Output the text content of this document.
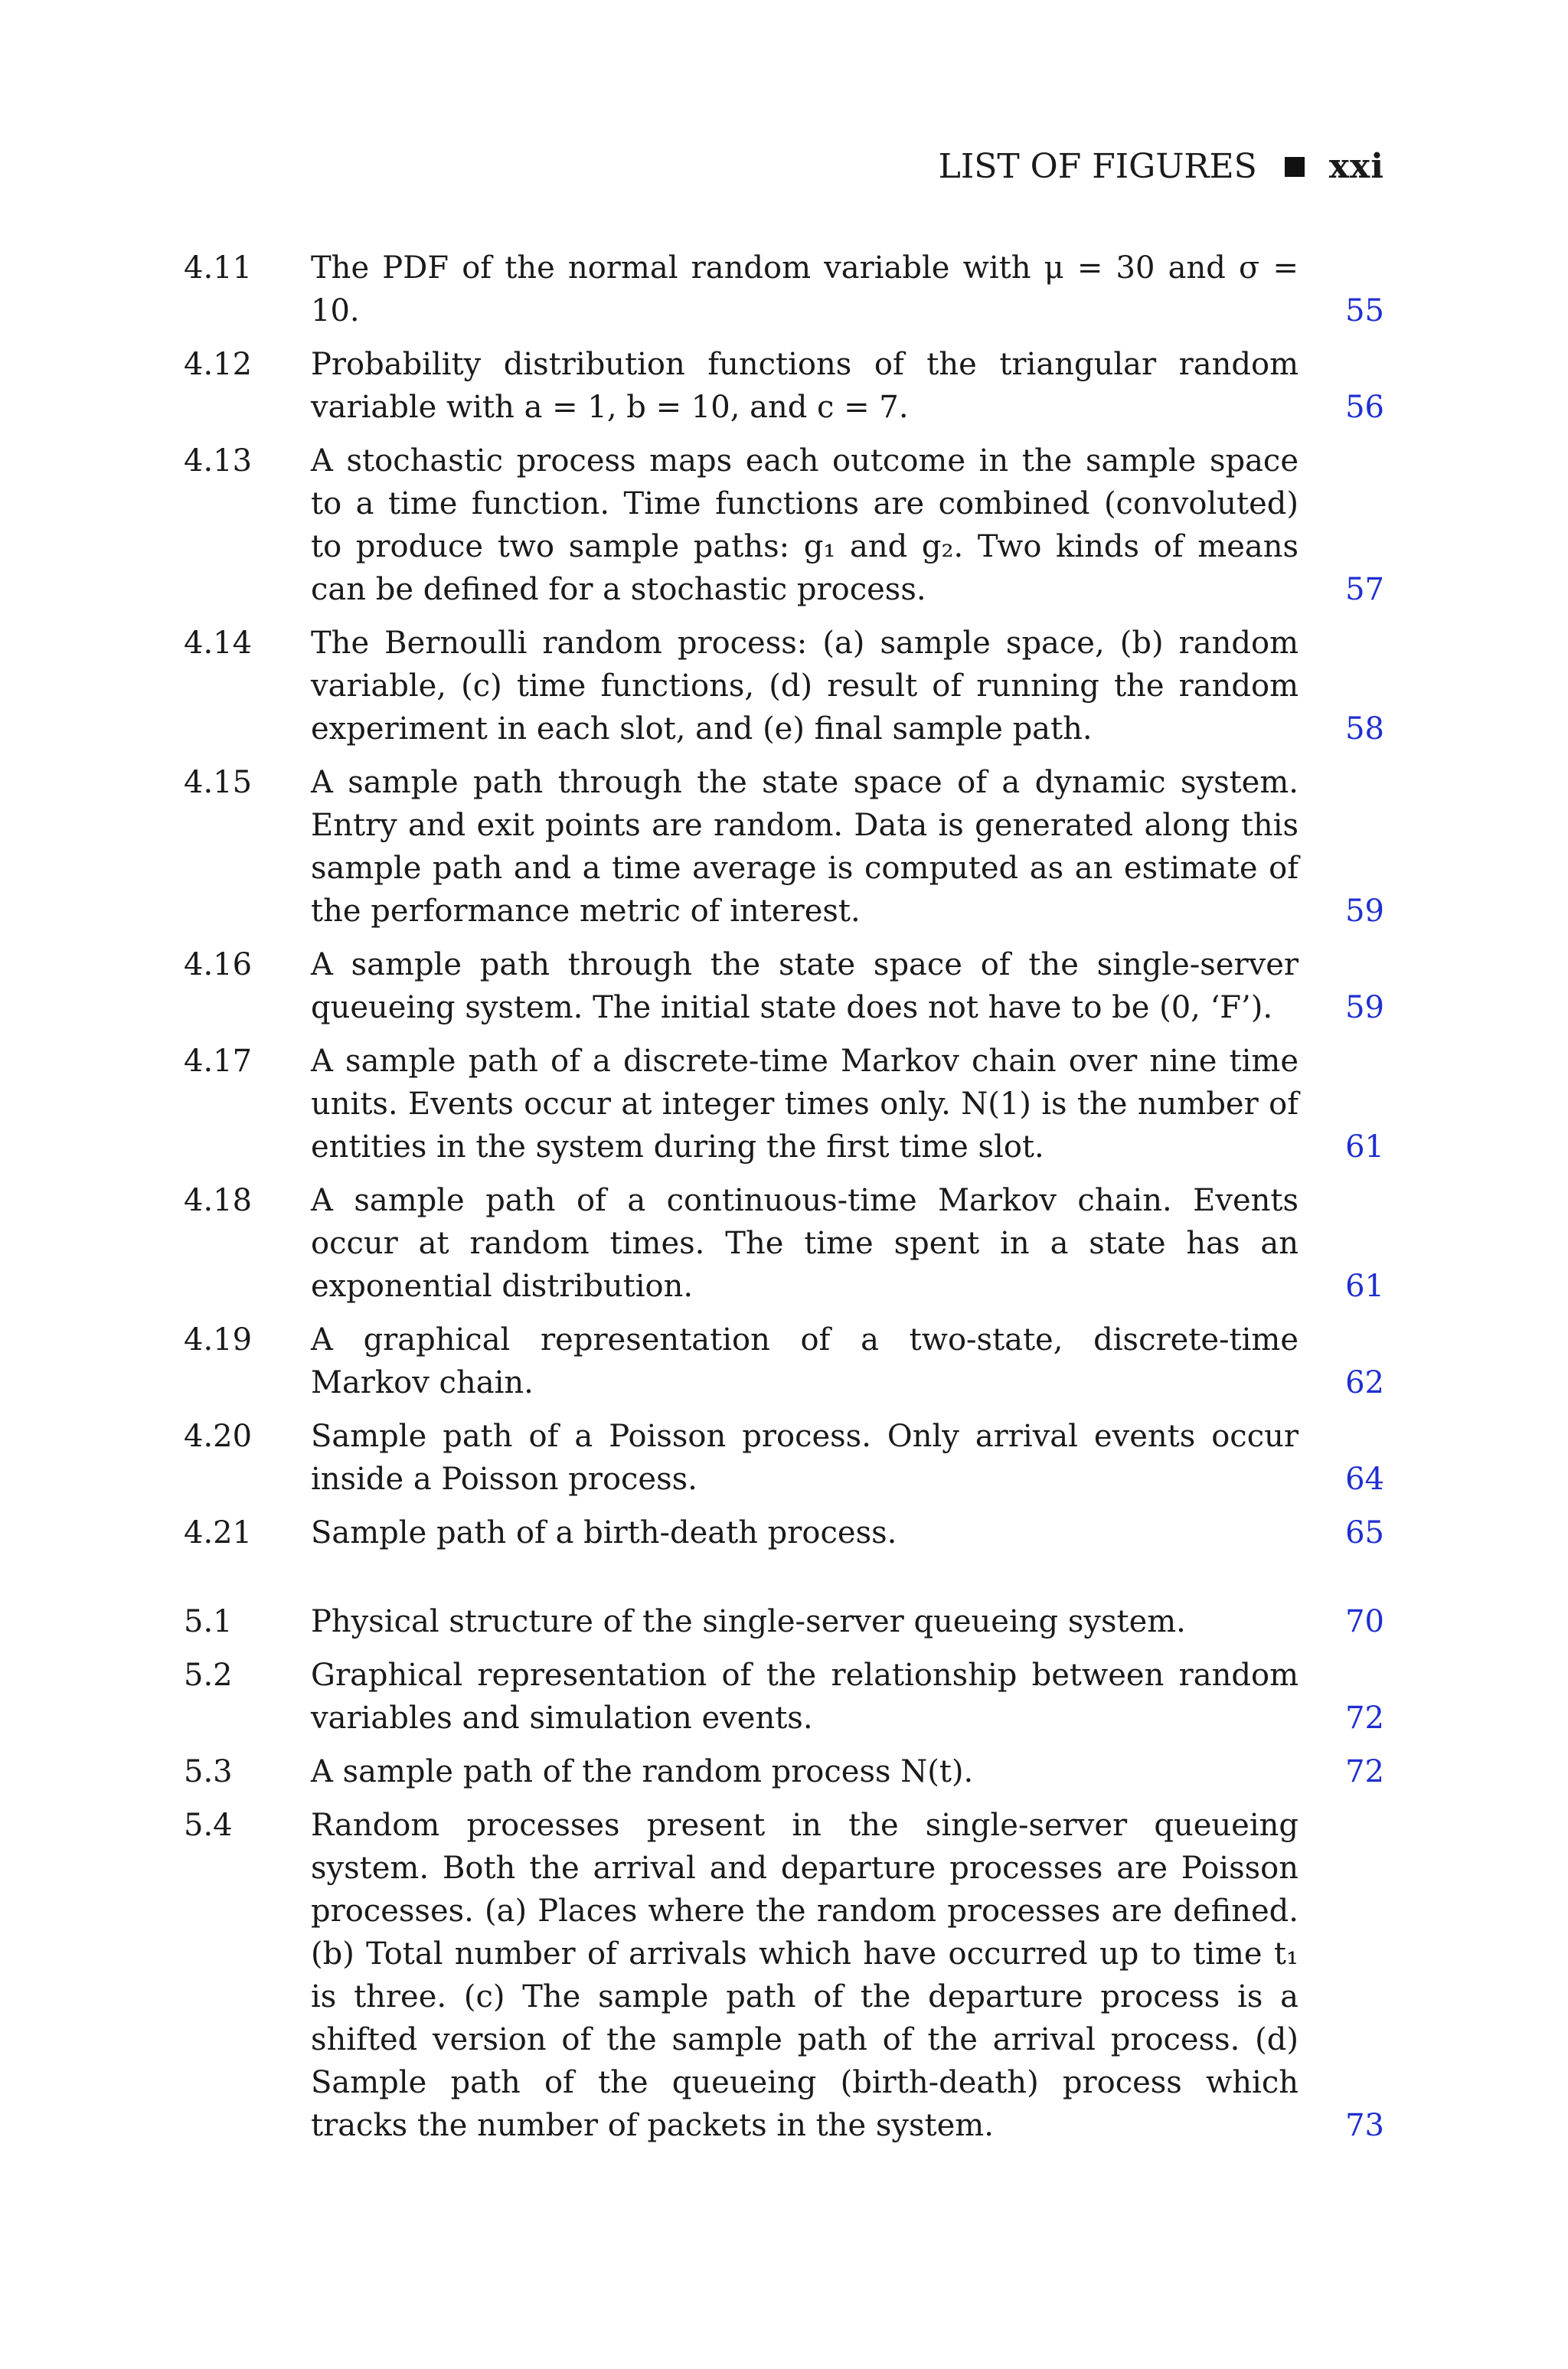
LIST OF FIGURES xxi
4.11	The PDF of the normal random variable with μ = 30 and σ = 10.	55
4.12	Probability distribution functions of the triangular random variable with a = 1, b = 10, and c = 7.	56
4.13	A stochastic process maps each outcome in the sample space to a time function. Time functions are combined (convoluted) to produce two sample paths: g₁ and g₂. Two kinds of means can be defined for a stochastic process.	57
4.14	The Bernoulli random process: (a) sample space, (b) random variable, (c) time functions, (d) result of running the random experiment in each slot, and (e) final sample path.	58
4.15	A sample path through the state space of a dynamic system. Entry and exit points are random. Data is generated along this sample path and a time average is computed as an estimate of the performance metric of interest.	59
4.16	A sample path through the state space of the single-server queueing system. The initial state does not have to be (0, ‘F’).	59
4.17	A sample path of a discrete-time Markov chain over nine time units. Events occur at integer times only. N(1) is the number of entities in the system during the first time slot.	61
4.18	A sample path of a continuous-time Markov chain. Events occur at random times. The time spent in a state has an exponential distribution.	61
4.19	A graphical representation of a two-state, discrete-time Markov chain.	62
4.20	Sample path of a Poisson process. Only arrival events occur inside a Poisson process.	64
4.21	Sample path of a birth-death process.	65
5.1	Physical structure of the single-server queueing system.	70
5.2	Graphical representation of the relationship between random variables and simulation events.	72
5.3	A sample path of the random process N(t).	72
5.4	Random processes present in the single-server queueing system. Both the arrival and departure processes are Poisson processes. (a) Places where the random processes are defined. (b) Total number of arrivals which have occurred up to time t₁ is three. (c) The sample path of the departure process is a shifted version of the sample path of the arrival process. (d) Sample path of the queueing (birth-death) process which tracks the number of packets in the system.	73
